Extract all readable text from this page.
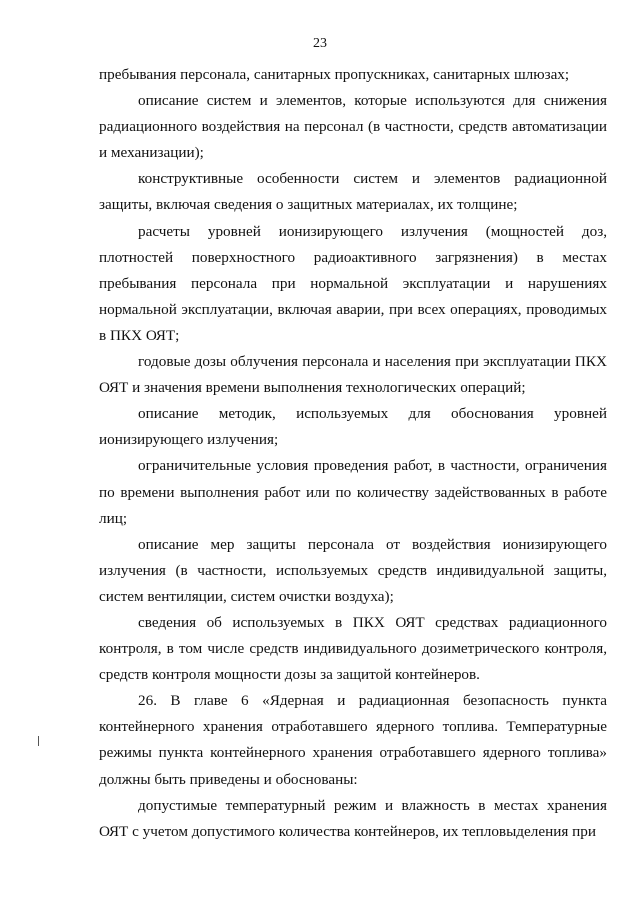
23

пребывания персонала, санитарных пропускниках, санитарных шлюзах;

описание систем и элементов, которые используются для снижения радиационного воздействия на персонал (в частности, средств автоматизации и механизации);

конструктивные особенности систем и элементов радиационной защиты, включая сведения о защитных материалах, их толщине;

расчеты уровней ионизирующего излучения (мощностей доз, плотностей поверхностного радиоактивного загрязнения) в местах пребывания персонала при нормальной эксплуатации и нарушениях нормальной эксплуатации, включая аварии, при всех операциях, проводимых в ПКХ ОЯТ;

годовые дозы облучения персонала и населения при эксплуатации ПКХ ОЯТ и значения времени выполнения технологических операций;

описание методик, используемых для обоснования уровней ионизирующего излучения;

ограничительные условия проведения работ, в частности, ограничения по времени выполнения работ или по количеству задействованных в работе лиц;

описание мер защиты персонала от воздействия ионизирующего излучения (в частности, используемых средств индивидуальной защиты, систем вентиляции, систем очистки воздуха);

сведения об используемых в ПКХ ОЯТ средствах радиационного контроля, в том числе средств индивидуального дозиметрического контроля, средств контроля мощности дозы за защитой контейнеров.

26. В главе 6 «Ядерная и радиационная безопасность пункта контейнерного хранения отработавшего ядерного топлива. Температурные режимы пункта контейнерного хранения отработавшего ядерного топлива» должны быть приведены и обоснованы:

допустимые температурный режим и влажность в местах хранения ОЯТ с учетом допустимого количества контейнеров, их тепловыделения при
